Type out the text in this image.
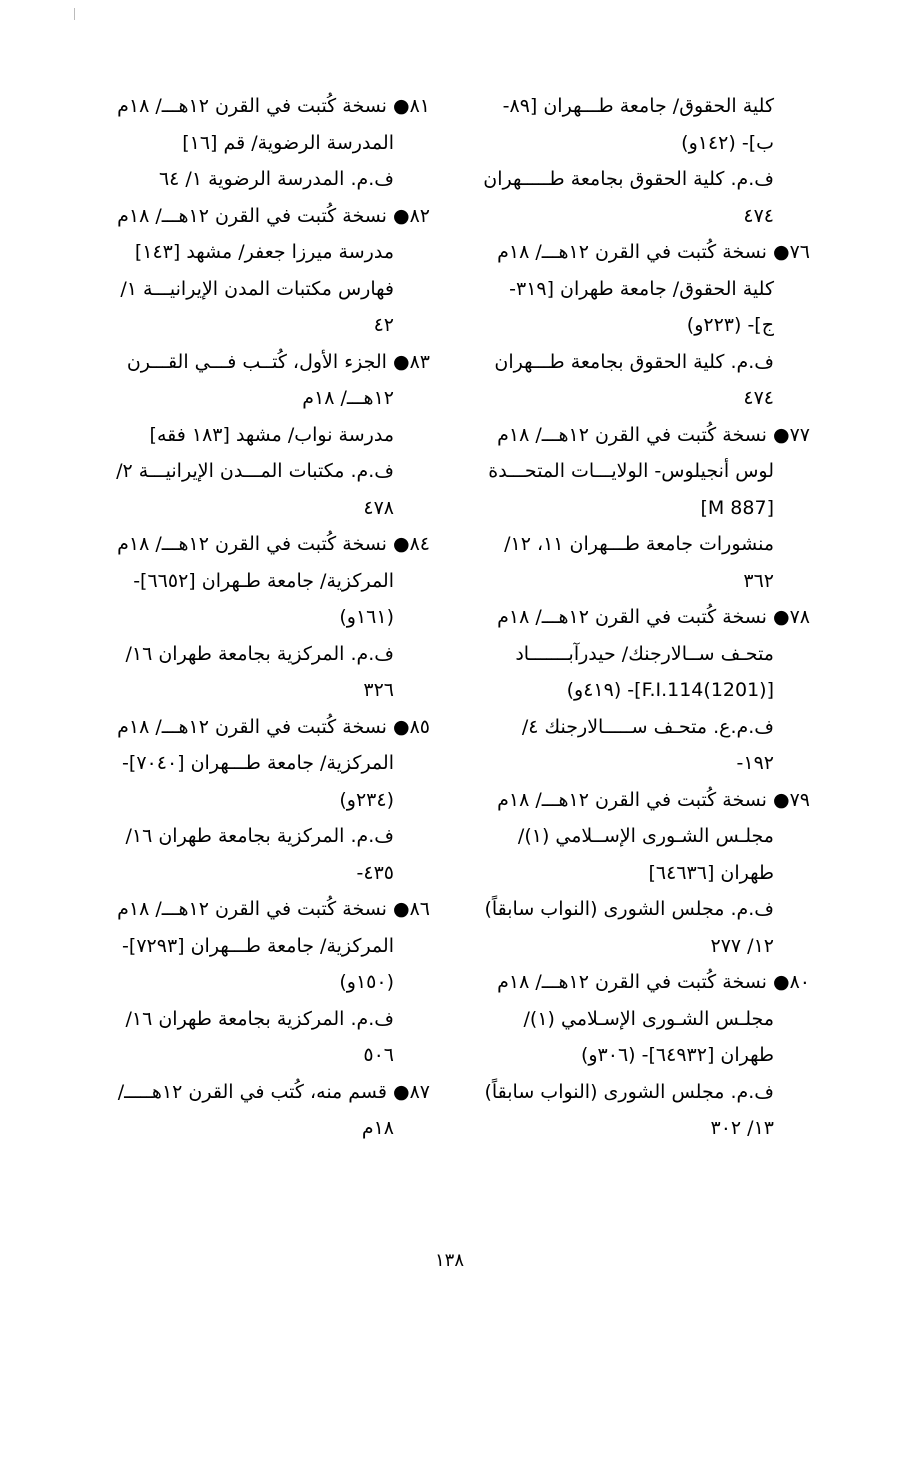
كلية الحقوق/ جامعة طـــهران [٨٩-
ب]- (١٤٢و)
ف.م. كلية الحقوق بجامعة طـــــهران
٤٧٤
٧٦● نسخة كُتبت في القرن ١٢هـــ/ ١٨م
كلية الحقوق/ جامعة طهران [٣١٩-
ج]- (٢٢٣و)
ف.م. كلية الحقوق بجامعة طـــهران
٤٧٤
٧٧● نسخة كُتبت في القرن ١٢هـــ/ ١٨م
لوس أنجيلوس- الولايـــات المتحـــدة
[M 887]
منشورات جامعة طـــهران ١١، ١٢/
٣٦٢
٧٨● نسخة كُتبت في القرن ١٢هـــ/ ١٨م
متحـف ســالارجنك/ حيدرآبـــــــاد
[(1201)F.I.114]- (٤١٩و)
ف.م.ع. متحـف ســـــالارجنك ٤/
١٩٢-
٧٩● نسخة كُتبت في القرن ١٢هـــ/ ١٨م
مجلـس الشـورى الإســلامي (١)/
طهران [٦٤٦٣٦]
ف.م. مجلس الشورى (النواب سابقاً)
١٢/ ٢٧٧
٨٠● نسخة كُتبت في القرن ١٢هـــ/ ١٨م
مجلـس الشـورى الإسـلامي (١)/
طهران [٦٤٩٣٢]- (٣٠٦و)
ف.م. مجلس الشورى (النواب سابقاً)
١٣/ ٣٠٢
٨١● نسخة كُتبت في القرن ١٢هـــ/ ١٨م
المدرسة الرضوية/ قم [١٦]
ف.م. المدرسة الرضوية ١/ ٦٤
٨٢● نسخة كُتبت في القرن ١٢هـــ/ ١٨م
مدرسة ميرزا جعفر/ مشهد [١٤٣]
فهارس مكتبات المدن الإيرانيـــة ١/
٤٢
٨٣● الجزء الأول، كُتــب فـــي القـــرن
١٢هـــ/ ١٨م
مدرسة نواب/ مشهد [١٨٣ فقه]
ف.م. مكتبات المـــدن الإيرانيـــة ٢/
٤٧٨
٨٤● نسخة كُتبت في القرن ١٢هـــ/ ١٨م
المركزية/ جامعة طـهران [٦٦٥٢]-
(١٦١و)
ف.م. المركزية بجامعة طهران ١٦/
٣٢٦
٨٥● نسخة كُتبت في القرن ١٢هـــ/ ١٨م
المركزية/ جامعة طـــهران [٧٠٤٠]-
(٢٣٤و)
ف.م. المركزية بجامعة طهران ١٦/
٤٣٥-
٨٦● نسخة كُتبت في القرن ١٢هـــ/ ١٨م
المركزية/ جامعة طـــهران [٧٢٩٣]-
(١٥٠و)
ف.م. المركزية بجامعة طهران ١٦/
٥٠٦
٨٧● قسم منه، كُتب في القرن ١٢هـــــ/
١٨م
١٣٨
